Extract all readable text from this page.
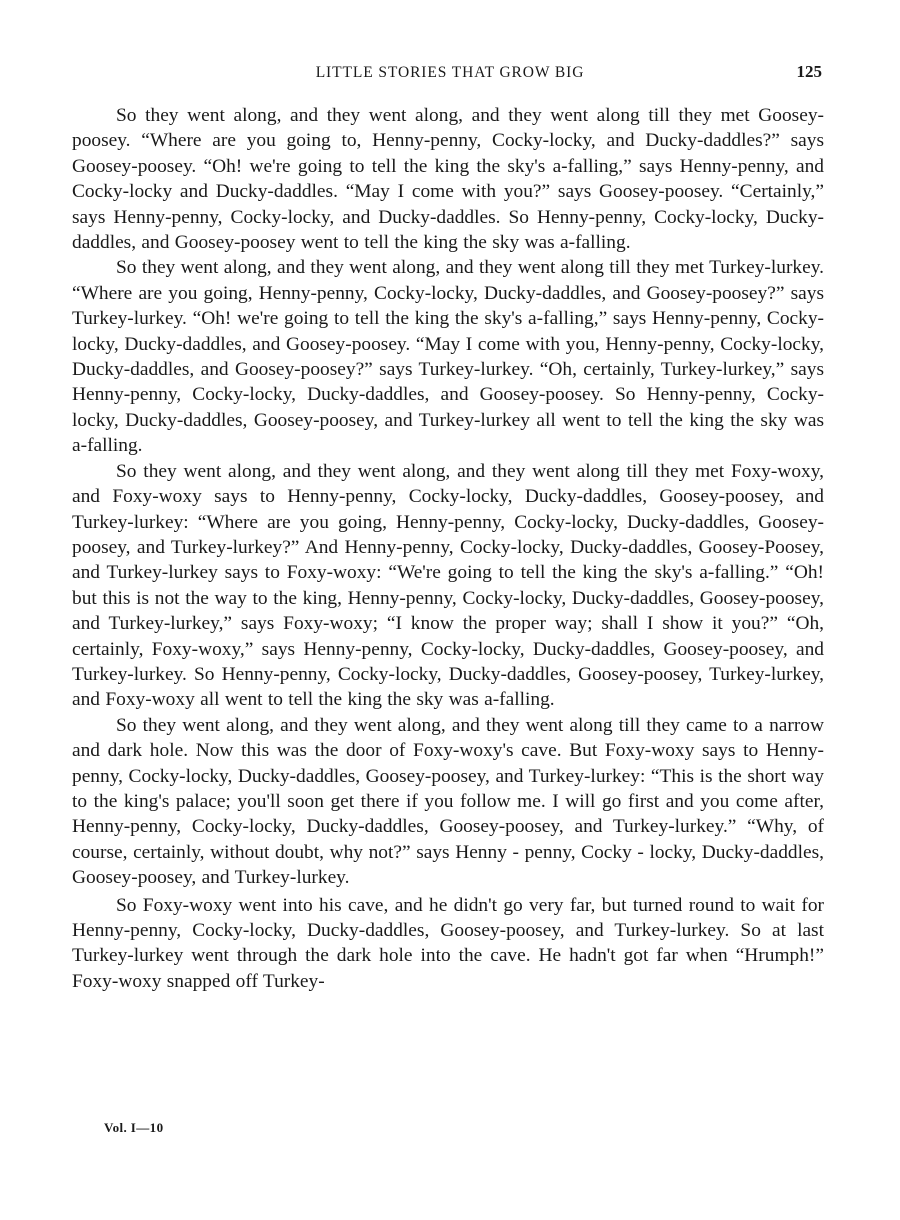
LITTLE STORIES THAT GROW BIG	125

So they went along, and they went along, and they went along till they met Goosey-poosey. “Where are you going to, Henny-penny, Cocky-locky, and Ducky-daddles?” says Goosey-poosey. “Oh! we're going to tell the king the sky's a-falling,” says Henny-penny, and Cocky-locky and Ducky-daddles. “May I come with you?” says Goosey-poosey. “Certainly,” says Henny-penny, Cocky-locky, and Ducky-daddles. So Henny-penny, Cocky-locky, Ducky-daddles, and Goosey-poosey went to tell the king the sky was a-falling.

So they went along, and they went along, and they went along till they met Turkey-lurkey. “Where are you going, Henny-penny, Cocky-locky, Ducky-daddles, and Goosey-poosey?” says Turkey-lurkey. “Oh! we're going to tell the king the sky's a-falling,” says Henny-penny, Cocky-locky, Ducky-daddles, and Goosey-poosey. “May I come with you, Henny-penny, Cocky-locky, Ducky-daddles, and Goosey-poosey?” says Turkey-lurkey. “Oh, certainly, Turkey-lurkey,” says Henny-penny, Cocky-locky, Ducky-daddles, and Goosey-poosey. So Henny-penny, Cocky-locky, Ducky-daddles, Goosey-poosey, and Turkey-lurkey all went to tell the king the sky was a-falling.

So they went along, and they went along, and they went along till they met Foxy-woxy, and Foxy-woxy says to Henny-penny, Cocky-locky, Ducky-daddles, Goosey-poosey, and Turkey-lurkey: “Where are you going, Henny-penny, Cocky-locky, Ducky-daddles, Goosey-poosey, and Turkey-lurkey?” And Henny-penny, Cocky-locky, Ducky-daddles, Goosey-Poosey, and Turkey-lurkey says to Foxy-woxy: “We're going to tell the king the sky's a-falling.” “Oh! but this is not the way to the king, Henny-penny, Cocky-locky, Ducky-daddles, Goosey-poosey, and Turkey-lurkey,” says Foxy-woxy; “I know the proper way; shall I show it you?” “Oh, certainly, Foxy-woxy,” says Henny-penny, Cocky-locky, Ducky-daddles, Goosey-poosey, and Turkey-lurkey. So Henny-penny, Cocky-locky, Ducky-daddles, Goosey-poosey, Turkey-lurkey, and Foxy-woxy all went to tell the king the sky was a-falling.

So they went along, and they went along, and they went along till they came to a narrow and dark hole. Now this was the door of Foxy-woxy's cave. But Foxy-woxy says to Henny-penny, Cocky-locky, Ducky-daddles, Goosey-poosey, and Turkey-lurkey: “This is the short way to the king's palace; you'll soon get there if you follow me. I will go first and you come after, Henny-penny, Cocky-locky, Ducky-daddles, Goosey-poosey, and Turkey-lurkey.” “Why, of course, certainly, without doubt, why not?” says Henny - penny, Cocky - locky, Ducky-daddles, Goosey-poosey, and Turkey-lurkey.

So Foxy-woxy went into his cave, and he didn't go very far, but turned round to wait for Henny-penny, Cocky-locky, Ducky-daddles, Goosey-poosey, and Turkey-lurkey. So at last Turkey-lurkey went through the dark hole into the cave. He hadn't got far when “Hrumph!” Foxy-woxy snapped off Turkey-

Vol. I—10
